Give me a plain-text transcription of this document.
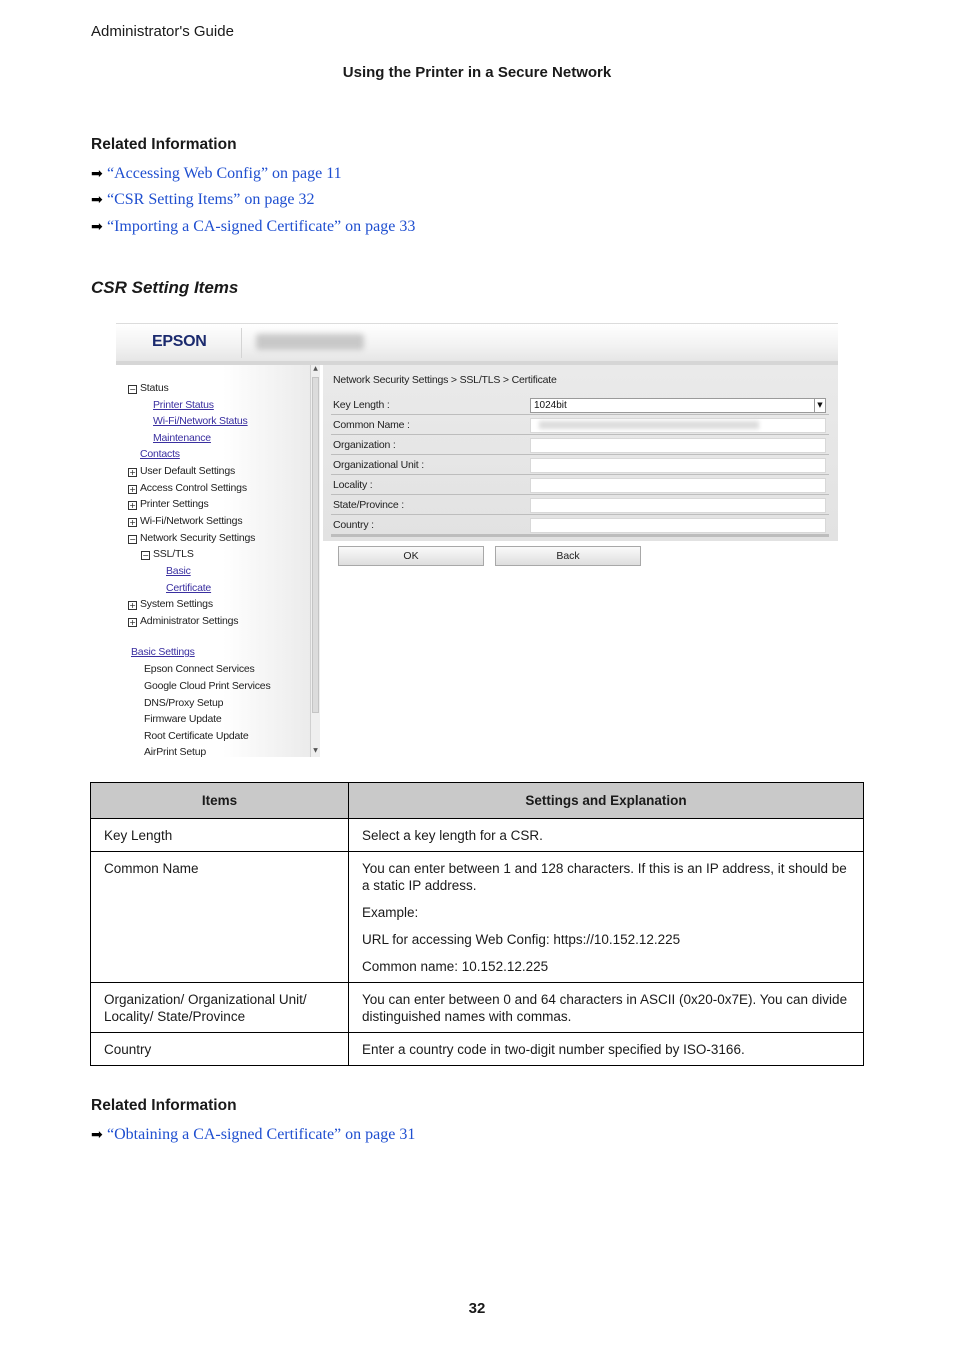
Administrator's Guide
Using the Printer in a Secure Network
Related Information
➡ “Accessing Web Config” on page 11
➡ “CSR Setting Items” on page 32
➡ “Importing a CA-signed Certificate” on page 33
CSR Setting Items
EPSON
− Status
Printer Status
Wi-Fi/Network Status
Maintenance
Contacts
+ User Default Settings
+ Access Control Settings
+ Printer Settings
+ Wi-Fi/Network Settings
− Network Security Settings
− SSL/TLS
Basic
Certificate
+ System Settings
+ Administrator Settings
Basic Settings
Epson Connect Services
Google Cloud Print Services
DNS/Proxy Setup
Firmware Update
Root Certificate Update
AirPrint Setup
▲
▼
Network Security Settings > SSL/TLS > Certificate
Key Length :	1024bit	▼
Common Name :
Organization :
Organizational Unit :
Locality :
State/Province :
Country :
OK	Back
Items	Settings and Explanation
Key Length	Select a key length for a CSR.

Common Name	You can enter between 1 and 128 characters. If this is an IP address, it should be a static IP address.

Example:

URL for accessing Web Config: https://10.152.12.225

Common name: 10.152.12.225

Organization/ Organizational Unit/ Locality/ State/Province	You can enter between 0 and 64 characters in ASCII (0x20-0x7E). You can divide distinguished names with commas.

Country	Enter a country code in two-digit number specified by ISO-3166.

Related Information
➡ “Obtaining a CA-signed Certificate” on page 31
32
